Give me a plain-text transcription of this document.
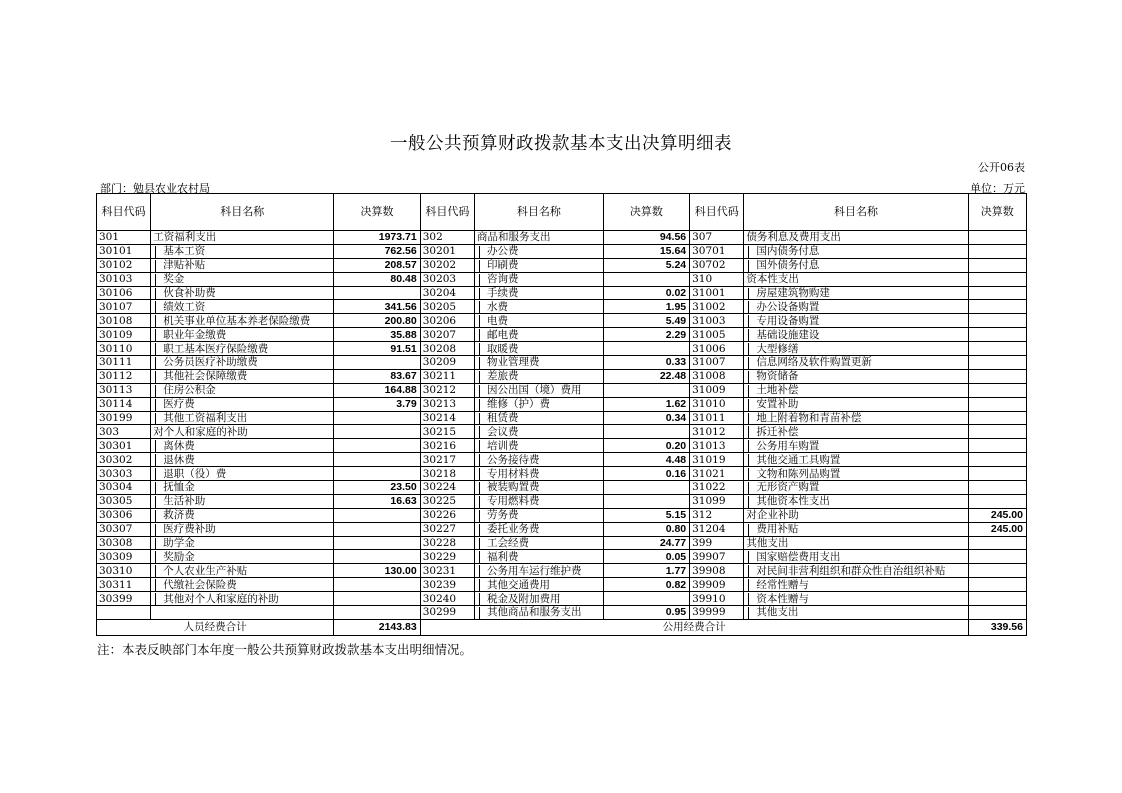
一般公共预算财政拨款基本支出决算明细表
公开06表
部门：勉县农业农村局	单位：万元
科目代码	科目名称	决算数	科目代码	科目名称	决算数	科目代码	科目名称	决算数
301	工资福利支出	1973.71	302	商品和服务支出	94.56	307	债务利息及费用支出	
30101	基本工资	762.56	30201	办公费	15.64	30701	国内债务付息	
30102	津贴补贴	208.57	30202	印刷费	5.24	30702	国外债务付息	
30103	奖金	80.48	30203	咨询费		310	资本性支出	
30106	伙食补助费		30204	手续费	0.02	31001	房屋建筑物购建	
30107	绩效工资	341.56	30205	水费	1.95	31002	办公设备购置	
30108	机关事业单位基本养老保险缴费	200.80	30206	电费	5.49	31003	专用设备购置	
30109	职业年金缴费	35.88	30207	邮电费	2.29	31005	基础设施建设	
30110	职工基本医疗保险缴费	91.51	30208	取暖费		31006	大型修缮	
30111	公务员医疗补助缴费		30209	物业管理费	0.33	31007	信息网络及软件购置更新	
30112	其他社会保障缴费	83.67	30211	差旅费	22.48	31008	物资储备	
30113	住房公积金	164.88	30212	因公出国（境）费用		31009	土地补偿	
30114	医疗费	3.79	30213	维修（护）费	1.62	31010	安置补助	
30199	其他工资福利支出		30214	租赁费	0.34	31011	地上附着物和青苗补偿	
303	对个人和家庭的补助		30215	会议费		31012	拆迁补偿	
30301	离休费		30216	培训费	0.20	31013	公务用车购置	
30302	退休费		30217	公务接待费	4.48	31019	其他交通工具购置	
30303	退职（役）费		30218	专用材料费	0.16	31021	文物和陈列品购置	
30304	抚恤金	23.50	30224	被装购置费		31022	无形资产购置	
30305	生活补助	16.63	30225	专用燃料费		31099	其他资本性支出	
30306	救济费		30226	劳务费	5.15	312	对企业补助	245.00
30307	医疗费补助		30227	委托业务费	0.80	31204	费用补贴	245.00
30308	助学金		30228	工会经费	24.77	399	其他支出	
30309	奖励金		30229	福利费	0.05	39907	国家赔偿费用支出	
30310	个人农业生产补贴	130.00	30231	公务用车运行维护费	1.77	39908	对民间非营利组织和群众性自治组织补贴	
30311	代缴社会保险费		30239	其他交通费用	0.82	39909	经常性赠与	
30399	其他对个人和家庭的补助		30240	税金及附加费用		39910	资本性赠与	
			30299	其他商品和服务支出	0.95	39999	其他支出	
人员经费合计		2143.83	公用经费合计					339.56
注：本表反映部门本年度一般公共预算财政拨款基本支出明细情况。
